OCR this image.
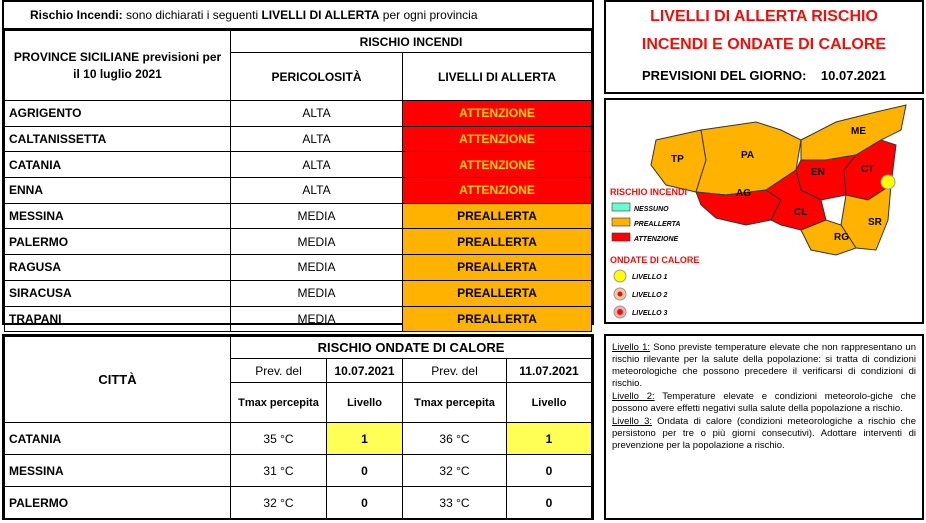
Rischio Incendi: sono dichiarati i seguenti LIVELLI DI ALLERTA per ogni provincia
PROVINCE SICILIANE previsioni per il 10 luglio 2021	RISCHIO INCENDI	
	PERICOLOSITÀ	LIVELLI DI ALLERTA
AGRIGENTO	ALTA	ATTENZIONE
CALTANISSETTA	ALTA	ATTENZIONE
CATANIA	ALTA	ATTENZIONE
ENNA	ALTA	ATTENZIONE
MESSINA	MEDIA	PREALLERTA
PALERMO	MEDIA	PREALLERTA
RAGUSA	MEDIA	PREALLERTA
SIRACUSA	MEDIA	PREALLERTA
TRAPANI	MEDIA	PREALLERTA
LIVELLI DI ALLERTA RISCHIO
INCENDI E ONDATE DI CALORE
PREVISIONI DEL GIORNO:    10.07.2021
TP	PA
ME
CT
EN
AG
CL
SR
RG
RISCHIO INCENDI
NESSUNO
PREALLERTA
ATTENZIONE
ONDATE DI CALORE
LIVELLO 1
LIVELLO 2
LIVELLO 3
CITTÀ	RISCHIO ONDATE DI CALORE			
	Prev. del	10.07.2021	Prev. del	11.07.2021
	Tmax percepita	Livello	Tmax percepita	Livello
CATANIA	35 °C	1	36 °C	1
MESSINA	31 °C	0	32 °C	0
PALERMO	32 °C	0	33 °C	0

Livello 1: Sono previste temperature elevate che non rappresentano un rischio rilevante per la salute della popolazione: si tratta di condizioni meteorologiche che possono precedere il verificarsi di condizioni di rischio.

Livello 2: Temperature elevate e condizioni meteorolo-giche che possono avere effetti negativi sulla salute della popolazione a rischio.

Livello 3: Ondata di calore (condizioni meteorologiche a rischio che persistono per tre o più giorni consecutivi). Adottare interventi di prevenzione per la popolazione a rischio.
